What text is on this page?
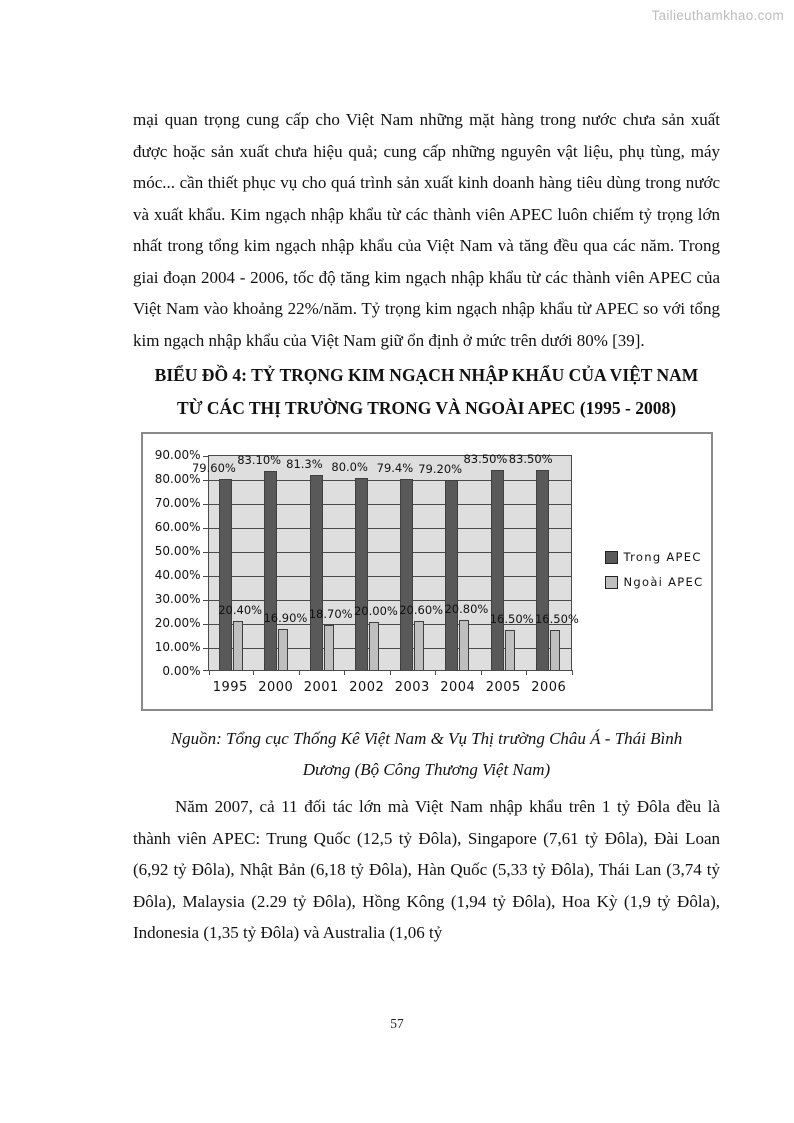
Tailieuthamkhao.com

mại quan trọng cung cấp cho Việt Nam những mặt hàng trong nước chưa sản xuất được hoặc sản xuất chưa hiệu quả; cung cấp những nguyên vật liệu, phụ tùng, máy móc... cần thiết phục vụ cho quá trình sản xuất kinh doanh hàng tiêu dùng trong nước và xuất khẩu. Kim ngạch nhập khẩu từ các thành viên APEC luôn chiếm tỷ trọng lớn nhất trong tổng kim ngạch nhập khẩu của Việt Nam và tăng đều qua các năm. Trong giai đoạn 2004 - 2006, tốc độ tăng kim ngạch nhập khẩu từ các thành viên APEC của Việt Nam vào khoảng 22%/năm. Tỷ trọng kim ngạch nhập khẩu từ APEC so với tổng kim ngạch nhập khẩu của Việt Nam giữ ổn định ở mức trên dưới 80% [39].

BIỂU ĐỒ 4: TỶ TRỌNG KIM NGẠCH NHẬP KHẨU CỦA VIỆT NAM
TỪ CÁC THỊ TRƯỜNG TRONG VÀ NGOÀI APEC (1995 - 2008)
79.60%
20.40%
83.10%
16.90%
81.3%
18.70%
80.0%
20.00%
79.4%
20.60%
79.20%
20.80%
83.50%
16.50%
83.50%
16.50%
90.00%
80.00%
70.00%
60.00%
50.00%
40.00%
30.00%
20.00%
10.00%
0.00%
1995 2000 2001 2002 2003 2004 2005 2006
Trong APEC
Ngoài APEC
Nguồn: Tổng cục Thống Kê Việt Nam & Vụ Thị trường Châu Á - Thái Bình
Dương (Bộ Công Thương Việt Nam)

Năm 2007, cả 11 đối tác lớn mà Việt Nam nhập khẩu trên 1 tỷ Đôla đều là thành viên APEC: Trung Quốc (12,5 tỷ Đôla), Singapore (7,61 tỷ Đôla), Đài Loan (6,92 tỷ Đôla), Nhật Bản (6,18 tỷ Đôla), Hàn Quốc (5,33 tỷ Đôla), Thái Lan (3,74 tỷ Đôla), Malaysia (2.29 tỷ Đôla), Hồng Kông (1,94 tỷ Đôla), Hoa Kỳ (1,9 tỷ Đôla), Indonesia (1,35 tỷ Đôla) và Australia (1,06 tỷ

57
